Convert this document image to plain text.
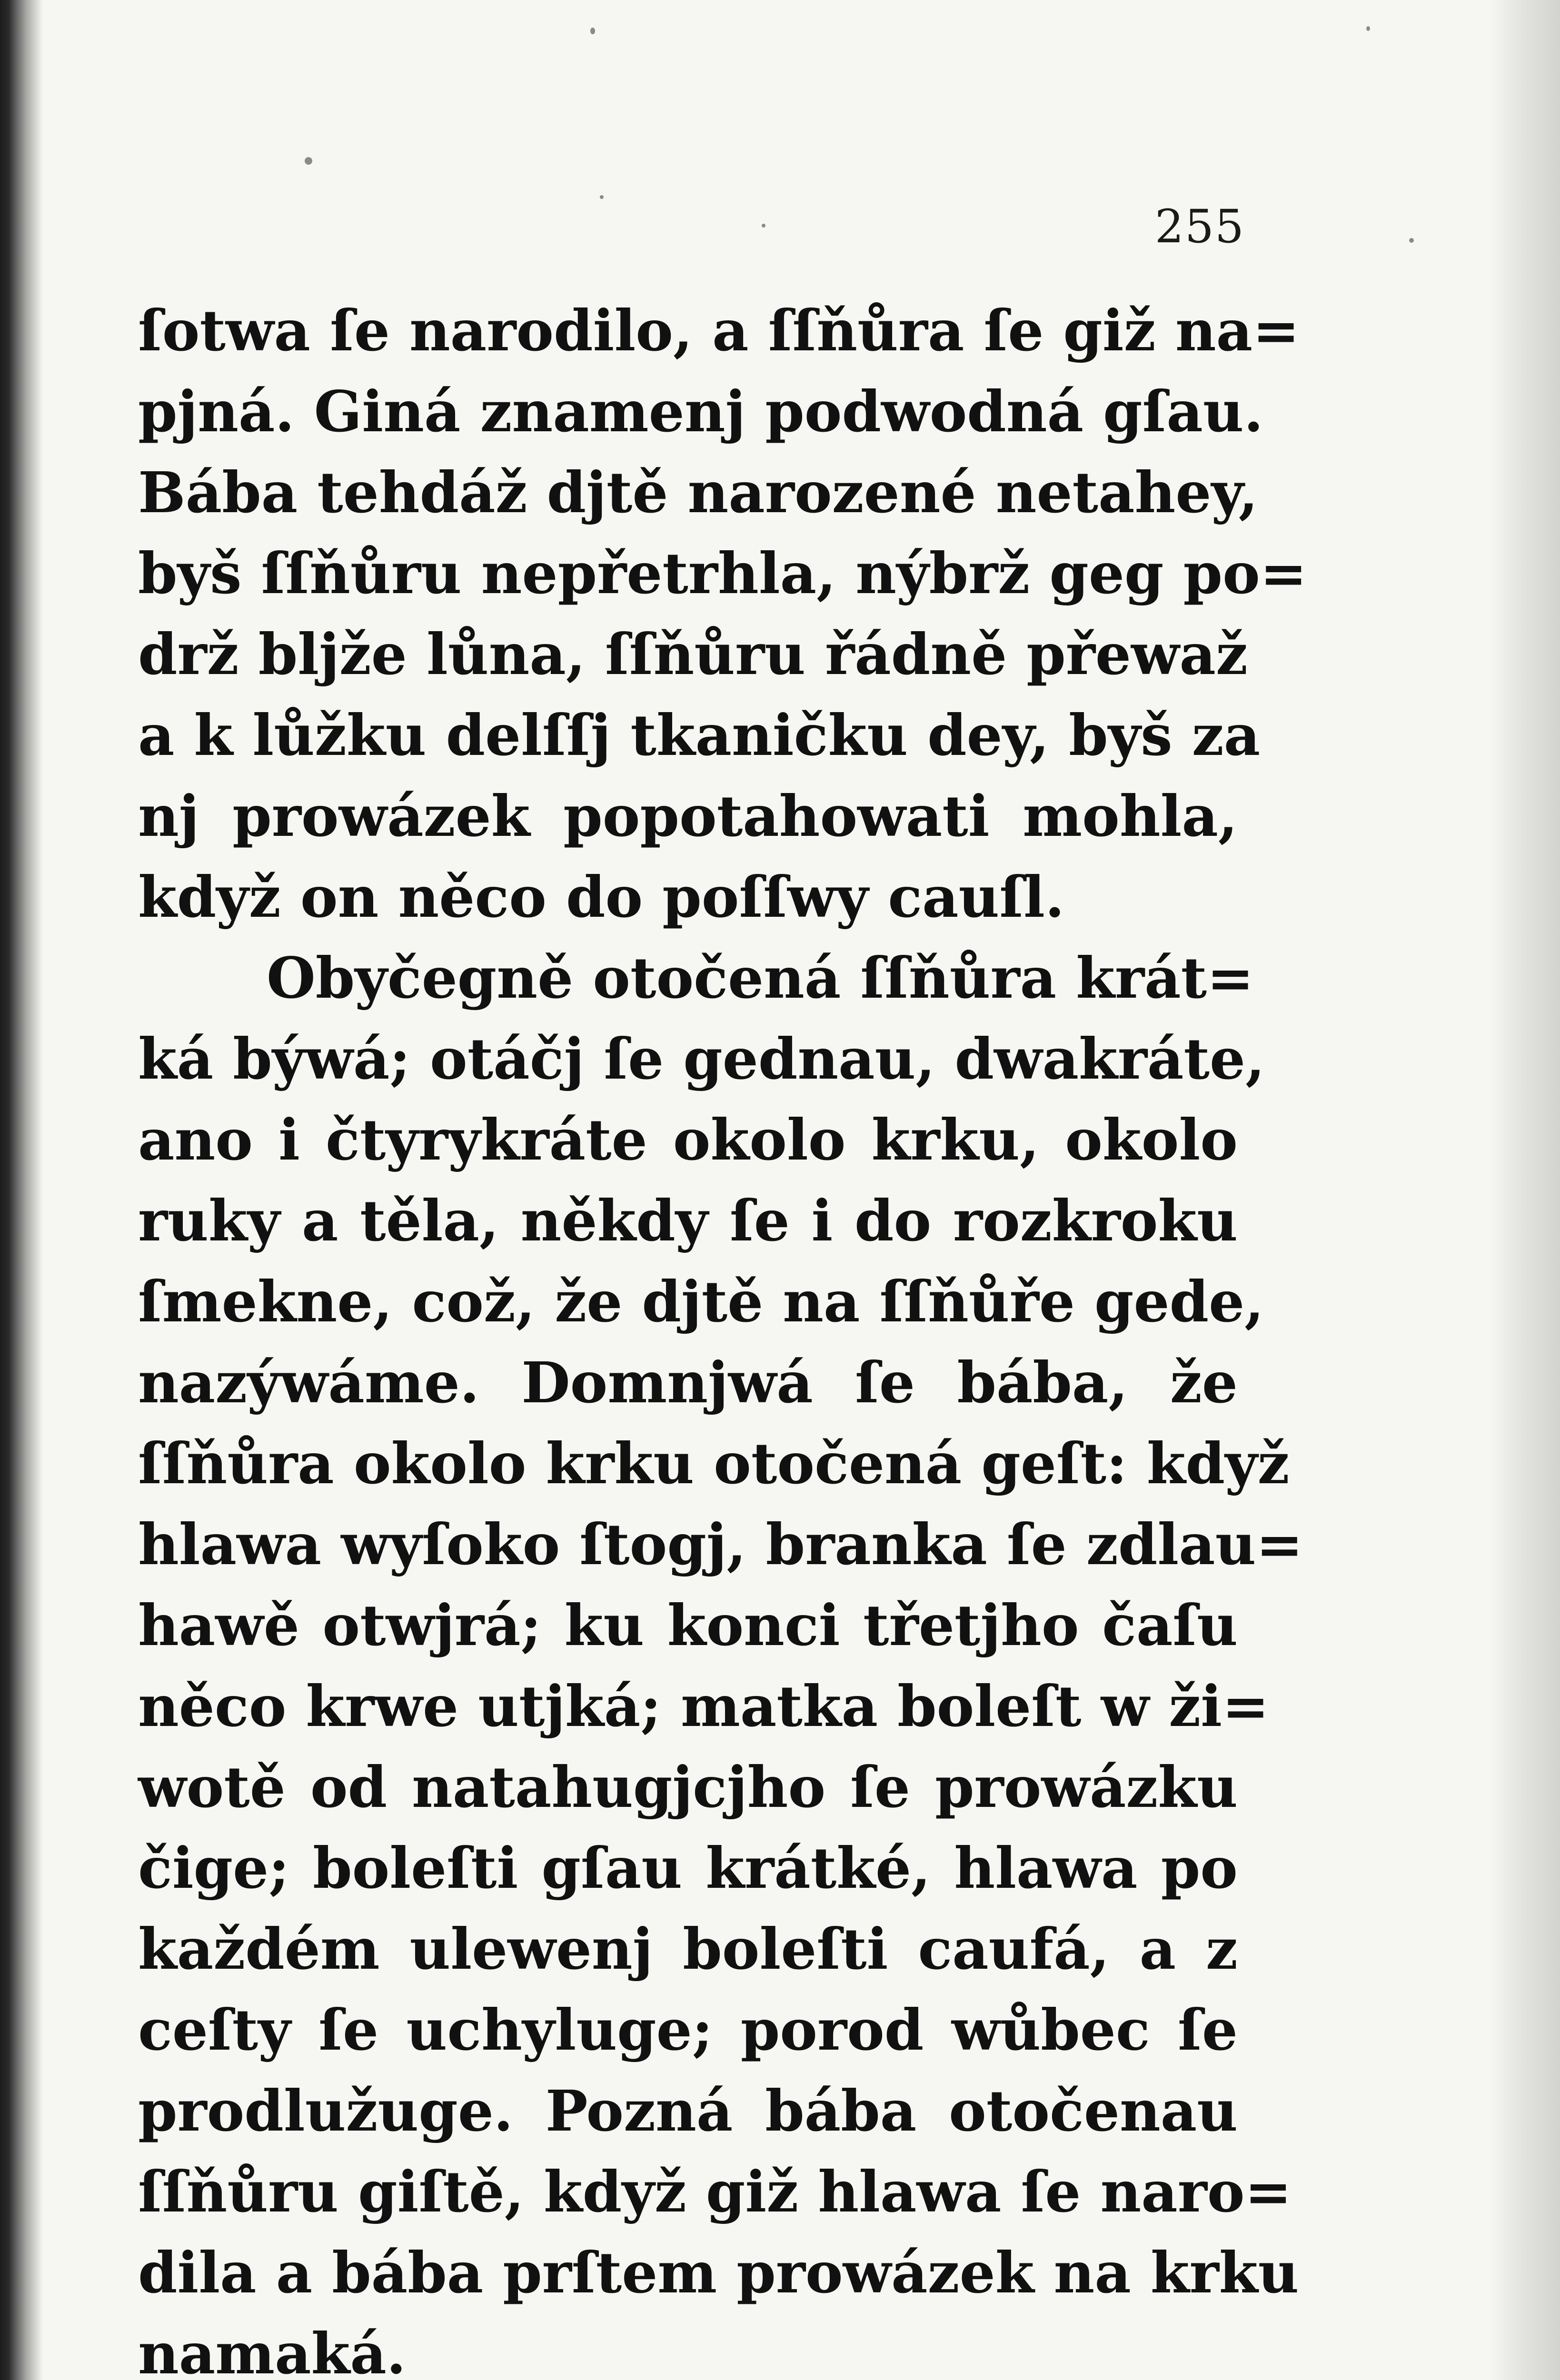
255
ſotwa ſe narodilo, a ſſňůra ſe giž na=
pjná. Giná znamenj podwodná gſau.
Bába tehdáž djtě narozené netahey,
byš ſſňůru nepřetrhla, nýbrž geg po=
drž blјže lůna, ſſňůru řádně přewaž
a k lůžku delſſj tkaničku dey, byš za
nj prowázek popotahowati mohla,
když on něco do poſſwy cauſl.
Obyčegně otočená ſſňůra krát=
ká býwá; otáčj ſe gednau, dwakráte,
ano i čtyrykráte okolo krku, okolo
ruky a těla, někdy ſe i do rozkroku
ſmekne, což, že djtě na ſſňůře gede,
nazýwáme. Domnjwá ſe bába, že
ſſňůra okolo krku otočená geſt: když
hlawa wyſoko ſtogj, branka ſe zdlau=
hawě otwjrá; ku konci třetjho čaſu
něco krwe utjká; matka boleſt w ži=
wotě od natahugjcjho ſe prowázku
čige; boleſti gſau krátké, hlawa po
každém ulewenj boleſti caufá, a z
ceſty ſe uchyluge; porod wůbec ſe
prodlužuge. Pozná bába otočenau
ſſňůru giſtě, když giž hlawa ſe naro=
dila a bába prſtem prowázek na krku
namaká.
